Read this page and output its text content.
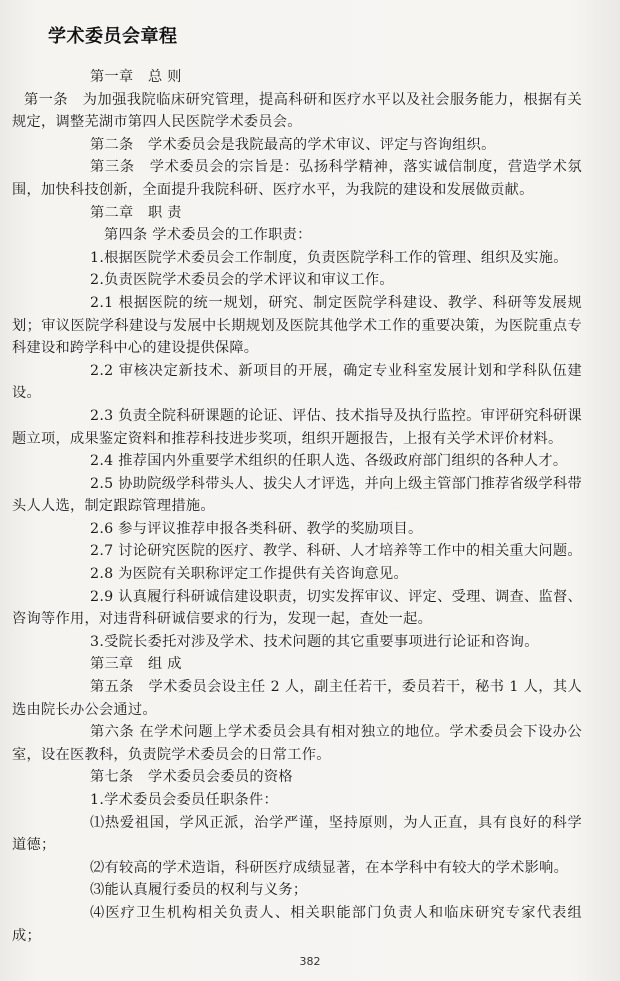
学术委员会章程

第一章　总 则

第一条　为加强我院临床研究管理，提高科研和医疗水平以及社会服务能力，根据有关规定，调整芜湖市第四人民医院学术委员会。

第二条　学术委员会是我院最高的学术审议、评定与咨询组织。

第三条　学术委员会的宗旨是：弘扬科学精神，落实诚信制度，营造学术氛围，加快科技创新，全面提升我院科研、医疗水平，为我院的建设和发展做贡献。

第二章　职 责

第四条 学术委员会的工作职责：

1.根据医院学术委员会工作制度，负责医院学科工作的管理、组织及实施。

2.负责医院学术委员会的学术评议和审议工作。

2.1 根据医院的统一规划，研究、制定医院学科建设、教学、科研等发展规划；审议医院学科建设与发展中长期规划及医院其他学术工作的重要决策，为医院重点专科建设和跨学科中心的建设提供保障。

2.2 审核决定新技术、新项目的开展，确定专业科室发展计划和学科队伍建设。

2.3 负责全院科研课题的论证、评估、技术指导及执行监控。审评研究科研课题立项，成果鉴定资料和推荐科技进步奖项，组织开题报告，上报有关学术评价材料。

2.4 推荐国内外重要学术组织的任职人选、各级政府部门组织的各种人才。

2.5 协助院级学科带头人、拔尖人才评选，并向上级主管部门推荐省级学科带头人人选，制定跟踪管理措施。

2.6 参与评议推荐申报各类科研、教学的奖励项目。

2.7 讨论研究医院的医疗、教学、科研、人才培养等工作中的相关重大问题。

2.8 为医院有关职称评定工作提供有关咨询意见。

2.9 认真履行科研诚信建设职责，切实发挥审议、评定、受理、调查、监督、咨询等作用，对违背科研诚信要求的行为，发现一起，查处一起。

3.受院长委托对涉及学术、技术问题的其它重要事项进行论证和咨询。

第三章　组 成

第五条　学术委员会设主任 2 人，副主任若干，委员若干，秘书 1 人，其人选由院长办公会通过。

第六条 在学术问题上学术委员会具有相对独立的地位。学术委员会下设办公室，设在医教科，负责院学术委员会的日常工作。

第七条　学术委员会委员的资格

1.学术委员会委员任职条件：

⑴热爱祖国，学风正派，治学严谨，坚持原则，为人正直，具有良好的科学道德；

⑵有较高的学术造诣，科研医疗成绩显著，在本学科中有较大的学术影响。

⑶能认真履行委员的权利与义务；

⑷医疗卫生机构相关负责人、相关职能部门负责人和临床研究专家代表组成；

382
